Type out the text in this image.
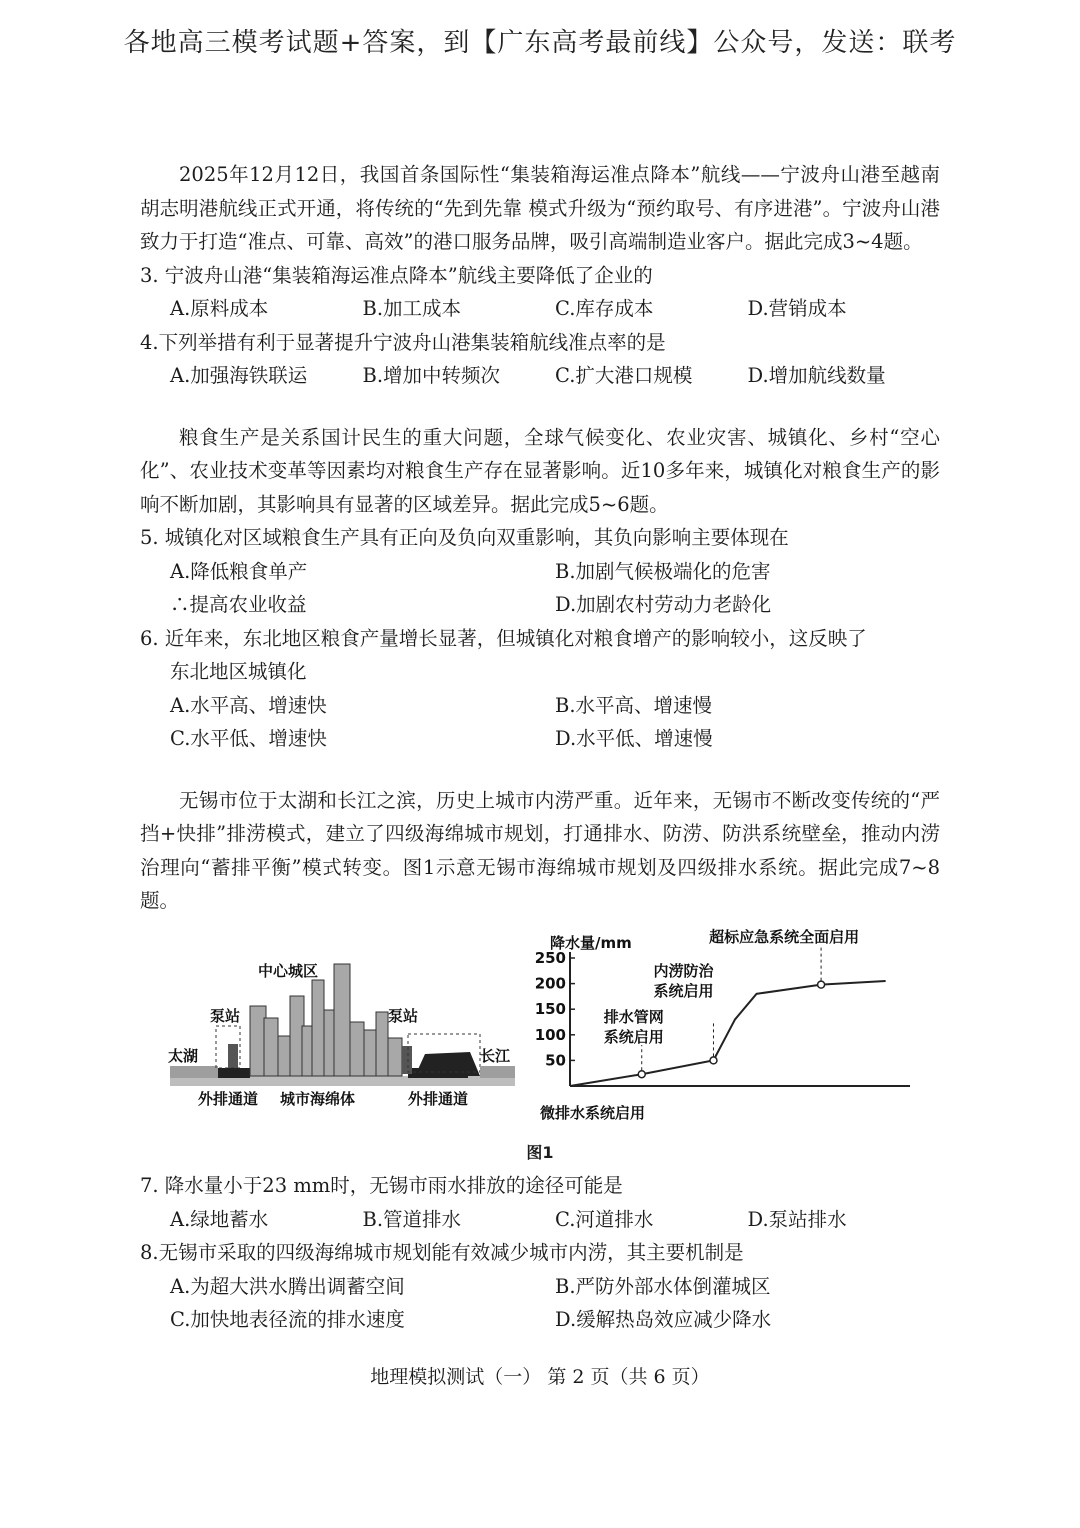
各地高三模考试题+答案，到【广东高考最前线】公众号，发送：联考

2025年12月12日，我国首条国际性“集装箱海运准点降本”航线——宁波舟山港至越南胡志明港航线正式开通，将传统的“先到先靠 模式升级为“预约取号、有序进港”。宁波舟山港致力于打造“准点、可靠、高效”的港口服务品牌，吸引高端制造业客户。据此完成3~4题。

3. 宁波舟山港“集装箱海运准点降本”航线主要降低了企业的

A.原料成本	B.加工成本	C.库存成本	D.营销成本

4.下列举措有利于显著提升宁波舟山港集装箱航线准点率的是

A.加强海铁联运	B.增加中转频次	C.扩大港口规模	D.增加航线数量

粮食生产是关系国计民生的重大问题，全球气候变化、农业灾害、城镇化、乡村“空心化”、农业技术变革等因素均对粮食生产存在显著影响。近10多年来，城镇化对粮食生产的影响不断加剧，其影响具有显著的区域差异。据此完成5~6题。

5. 城镇化对区域粮食生产具有正向及负向双重影响，其负向影响主要体现在

A.降低粮食单产	B.加剧气候极端化的危害
∴提高农业收益	D.加剧农村劳动力老龄化

6. 近年来，东北地区粮食产量增长显著，但城镇化对粮食增产的影响较小，这反映了

东北地区城镇化

A.水平高、增速快	B.水平高、增速慢
C.水平低、增速快	D.水平低、增速慢

无锡市位于太湖和长江之滨，历史上城市内涝严重。近年来，无锡市不断改变传统的“严挡+快排”排涝模式，建立了四级海绵城市规划，打通排水、防涝、防洪系统壁垒，推动内涝治理向“蓄排平衡”模式转变。图1示意无锡市海绵城市规划及四级排水系统。据此完成7~8题。

中心城区
泵站	泵站
太湖	长江
外排通道 城市海绵体	外排通道
降水量/mm
50
100
150
200
250
微排水系统启用
排水管网
系统启用
内涝防治
系统启用
超标应急系统全面启用

图1

7. 降水量小于23 mm时，无锡市雨水排放的途径可能是

A.绿地蓄水	B.管道排水	C.河道排水	D.泵站排水

8.无锡市采取的四级海绵城市规划能有效减少城市内涝，其主要机制是

A.为超大洪水腾出调蓄空间	B.严防外部水体倒灌城区
C.加快地表径流的排水速度	D.缓解热岛效应减少降水
地理模拟测试（一） 第 2 页（共 6 页）
